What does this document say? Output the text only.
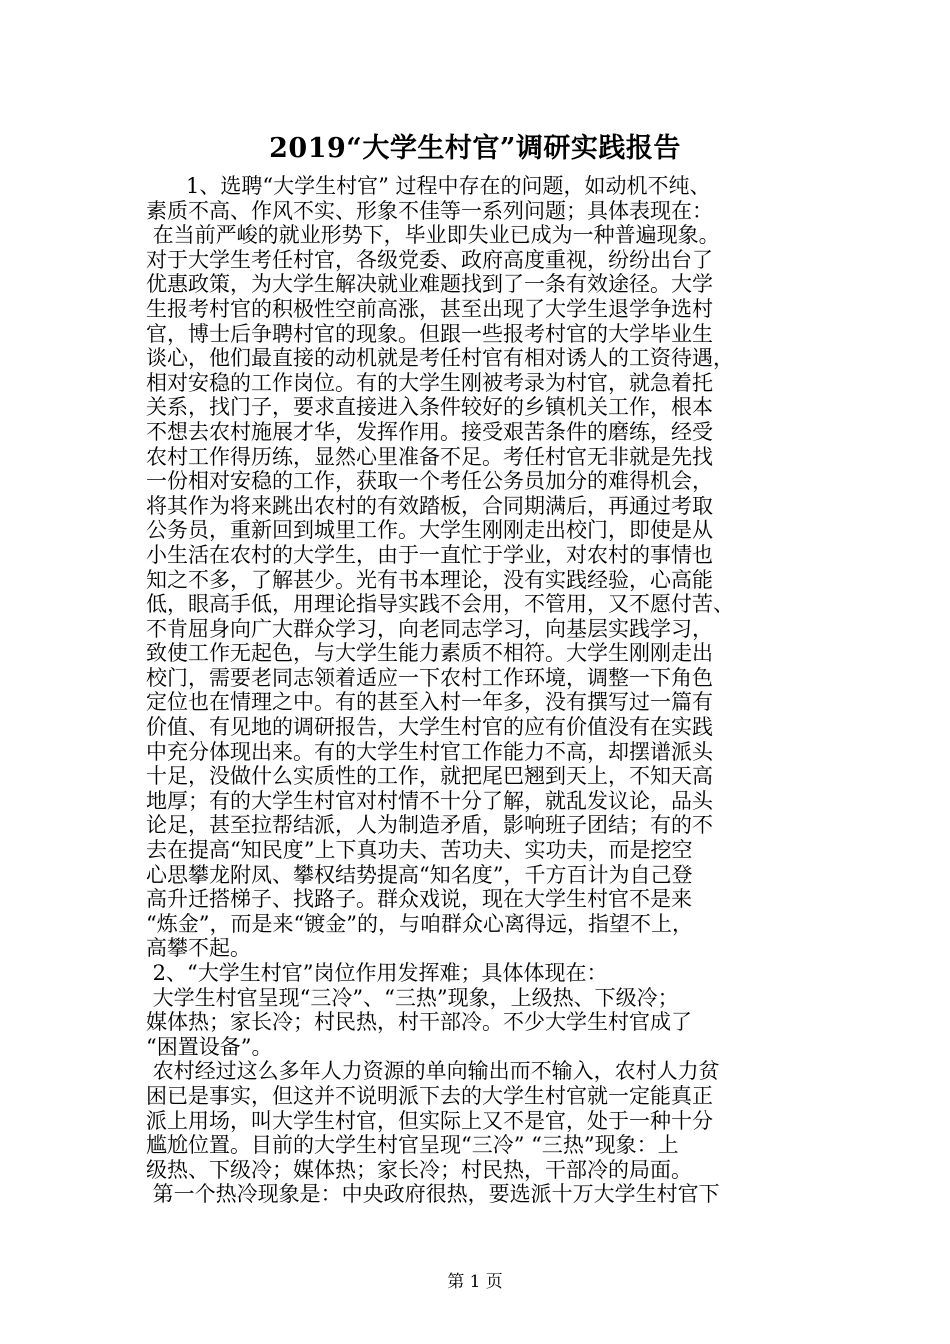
2019“大学生村官”调研实践报告
1、选聘“大学生村官” 过程中存在的问题，如动机不纯、
素质不高、作风不实、形象不佳等一系列问题；具体表现在：
在当前严峻的就业形势下，毕业即失业已成为一种普遍现象。
对于大学生考任村官，各级党委、政府高度重视，纷纷出台了
优惠政策，为大学生解决就业难题找到了一条有效途径。大学
生报考村官的积极性空前高涨，甚至出现了大学生退学争选村
官，博士后争聘村官的现象。但跟一些报考村官的大学毕业生
谈心，他们最直接的动机就是考任村官有相对诱人的工资待遇，
相对安稳的工作岗位。有的大学生刚被考录为村官，就急着托
关系，找门子，要求直接进入条件较好的乡镇机关工作，根本
不想去农村施展才华，发挥作用。接受艰苦条件的磨练，经受
农村工作得历练，显然心里准备不足。考任村官无非就是先找
一份相对安稳的工作，获取一个考任公务员加分的难得机会，
将其作为将来跳出农村的有效踏板，合同期满后，再通过考取
公务员，重新回到城里工作。大学生刚刚走出校门，即使是从
小生活在农村的大学生，由于一直忙于学业，对农村的事情也
知之不多，了解甚少。光有书本理论，没有实践经验，心高能
低，眼高手低，用理论指导实践不会用，不管用，又不愿付苦、
不肯屈身向广大群众学习，向老同志学习，向基层实践学习，
致使工作无起色，与大学生能力素质不相符。大学生刚刚走出
校门，需要老同志领着适应一下农村工作环境，调整一下角色
定位也在情理之中。有的甚至入村一年多，没有撰写过一篇有
价值、有见地的调研报告，大学生村官的应有价值没有在实践
中充分体现出来。有的大学生村官工作能力不高，却摆谱派头
十足，没做什么实质性的工作，就把尾巴翘到天上，不知天高
地厚；有的大学生村官对村情不十分了解，就乱发议论，品头
论足，甚至拉帮结派，人为制造矛盾，影响班子团结；有的不
去在提高“知民度”上下真功夫、苦功夫、实功夫，而是挖空
心思攀龙附凤、攀权结势提高“知名度”，千方百计为自己登
高升迁搭梯子、找路子。群众戏说，现在大学生村官不是来
“炼金”，而是来“镀金”的，与咱群众心离得远，指望不上，
高攀不起。
2、“大学生村官”岗位作用发挥难；具体体现在：
大学生村官呈现“三冷”、“三热”现象，上级热、下级冷；
媒体热；家长冷；村民热，村干部冷。不少大学生村官成了
“困置设备”。
农村经过这么多年人力资源的单向输出而不输入，农村人力贫
困已是事实，但这并不说明派下去的大学生村官就一定能真正
派上用场，叫大学生村官，但实际上又不是官，处于一种十分
尴尬位置。目前的大学生村官呈现“三冷” “三热”现象：上
级热、下级冷；媒体热；家长冷；村民热，干部冷的局面。
第一个热冷现象是：中央政府很热，要选派十万大学生村官下
第 1 页
